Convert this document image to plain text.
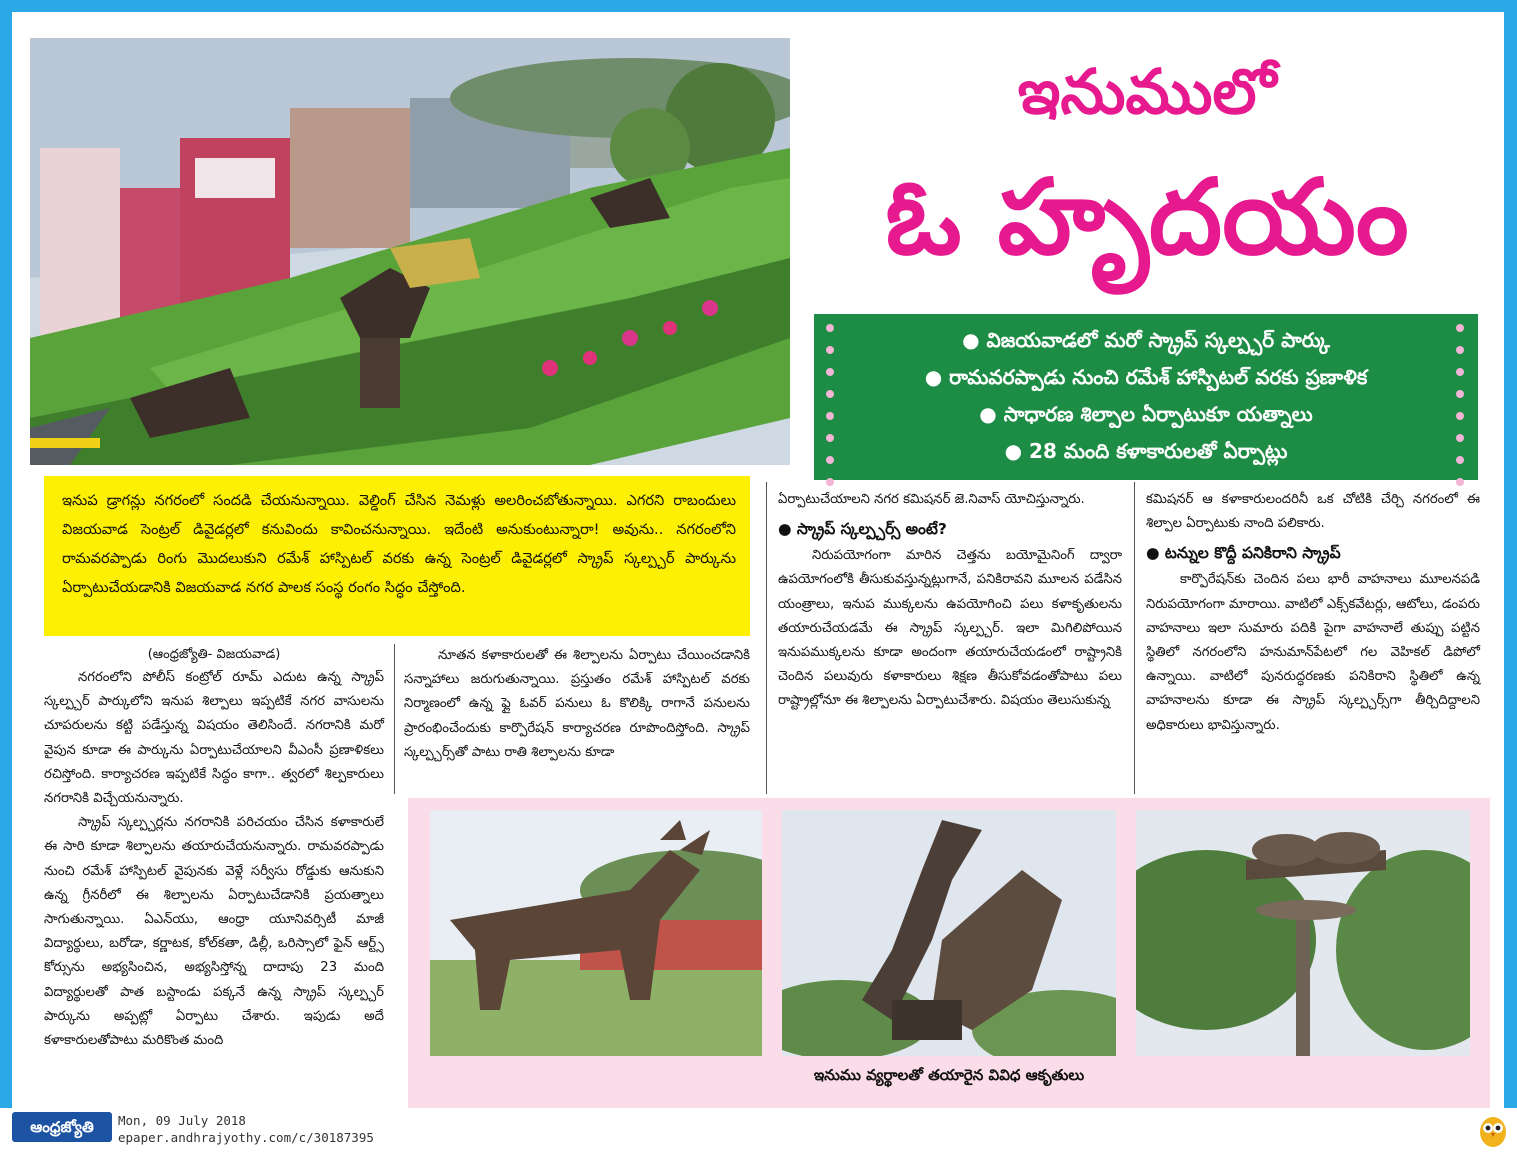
ఇనుములో
ఓ హృదయం
● విజయవాడలో మరో స్క్రాప్ స్కల్ప్చర్ పార్కు
● రామవరప్పాడు నుంచి రమేశ్ హాస్పిటల్ వరకు ప్రణాళిక
● సాధారణ శిల్పాల ఏర్పాటుకూ యత్నాలు
● 28 మంది కళాకారులతో ఏర్పాట్లు
ఇనుప డ్రాగన్లు నగరంలో సందడి చేయనున్నాయి. వెల్డింగ్ చేసిన నెమళ్లు అలరించబోతున్నాయి. ఎగరని రాబందులు విజయవాడ సెంట్రల్ డివైడర్లలో కనువిందు కావించనున్నాయి. ఇదేంటి అనుకుంటున్నారా! అవును.. నగరంలోని రామవరప్పాడు రింగు మొదలుకుని రమేశ్ హాస్పిటల్ వరకు ఉన్న సెంట్రల్ డివైడర్లలో స్క్రాప్ స్కల్ప్చర్ పార్కును ఏర్పాటుచేయడానికి విజయవాడ నగర పాలక సంస్థ రంగం సిద్ధం చేస్తోంది.
(ఆంధ్రజ్యోతి- విజయవాడ)

నగరంలోని పోలీస్ కంట్రోల్ రూమ్ ఎదుట ఉన్న స్క్రాప్ స్కల్ప్చర్ పార్కులోని ఇనుప శిల్పాలు ఇప్పటికే నగర వాసులను చూపరులను కట్టి పడేస్తున్న విషయం తెలిసిందే. నగరానికి మరో వైపున కూడా ఈ పార్కును ఏర్పాటుచేయాలని వీఎంసీ ప్రణాళికలు రచిస్తోంది. కార్యాచరణ ఇప్పటికే సిద్ధం కాగా.. త్వరలో శిల్పకారులు నగరానికి విచ్చేయనున్నారు.

స్క్రాప్ స్కల్ప్చర్లను నగరానికి పరిచయం చేసిన కళాకారులే ఈ సారి కూడా శిల్పాలను తయారుచేయనున్నారు. రామవరప్పాడు నుంచి రమేశ్ హాస్పిటల్ వైపునకు వెళ్లే సర్వీసు రోడ్డుకు ఆనుకుని ఉన్న గ్రీనరీలో ఈ శిల్పాలను ఏర్పాటుచేడానికి ప్రయత్నాలు సాగుతున్నాయి. ఏఎన్‌యు, ఆంధ్రా యూనివర్సిటీ మాజీ విద్యార్థులు, బరోడా, కర్ణాటక, కోల్‌కతా, డిల్లీ, ఒరిస్సాలో ఫైన్ ఆర్ట్స్ కోర్సును అభ్యసించిన, అభ్యసిస్తోన్న దాదాపు 23 మంది విద్యార్థులతో పాత బస్టాండు పక్కనే ఉన్న స్క్రాప్ స్కల్ప్చర్ పార్కును అప్పట్లో ఏర్పాటు చేశారు. ఇపుడు అదే కళాకారులతోపాటు మరికొంత మంది

నూతన కళాకారులతో ఈ శిల్పాలను ఏర్పాటు చేయించడానికి సన్నాహాలు జరుగుతున్నాయి. ప్రస్తుతం రమేశ్ హాస్పిటల్ వరకు నిర్మాణంలో ఉన్న ఫ్లై ఓవర్ పనులు ఓ కొలిక్కి రాగానే పనులను ప్రారంభించేందుకు కార్పొరేషన్ కార్యాచరణ రూపొందిస్తోంది. స్క్రాప్ స్కల్ప్చర్స్‌తో పాటు రాతి శిల్పాలను కూడా

ఏర్పాటుచేయాలని నగర కమిషనర్ జె.నివాస్ యోచిస్తున్నారు.
● స్క్రాప్ స్కల్ప్చర్స్ అంటే?

నిరుపయోగంగా మారిన చెత్తను బయోమైనింగ్ ద్వారా ఉపయోగంలోకి తీసుకువస్తున్నట్లుగానే, పనికిరావని మూలన పడేసిన యంత్రాలు, ఇనుప ముక్కలను ఉపయోగించి పలు కళాకృతులను తయారుచేయడమే ఈ స్క్రాప్ స్కల్ప్చర్. ఇలా మిగిలిపోయిన ఇనుపముక్కలను కూడా అందంగా తయారుచేయడంలో రాష్ట్రానికి చెందిన పలువురు కళాకారులు శిక్షణ తీసుకోవడంతోపాటు పలు రాష్ట్రాల్లోనూ ఈ శిల్పాలను ఏర్పాటుచేశారు. విషయం తెలుసుకున్న

కమిషనర్ ఆ కళాకారులందరినీ ఒక చోటికి చేర్చి నగరంలో ఈ శిల్పాల ఏర్పాటుకు నాంది పలికారు.
● టన్నుల కొద్దీ పనికిరాని స్క్రాప్

కార్పొరేషన్‌కు చెందిన పలు భారీ వాహనాలు మూలనపడి నిరుపయోగంగా మారాయి. వాటిలో ఎక్స్‌కవేటర్లు, ఆటోలు, డంపరు వాహనాలు ఇలా సుమారు పదికి పైగా వాహనాలే తుప్పు పట్టిన స్థితిలో నగరంలోని హనుమాన్‌పేటలో గల వెహికల్ డిపోలో ఉన్నాయి. వాటిలో పునరుద్ధరణకు పనికిరాని స్థితిలో ఉన్న వాహనాలను కూడా ఈ స్క్రాప్ స్కల్ప్చర్స్‌గా తీర్చిదిద్దాలని అధికారులు భావిస్తున్నారు.

ఇనుము వ్యర్థాలతో తయారైన వివిధ ఆకృతులు
ఆంధ్రజ్యోతి	Mon, 09 July 2018
epaper.andhrajyothy.com/c/30187395
